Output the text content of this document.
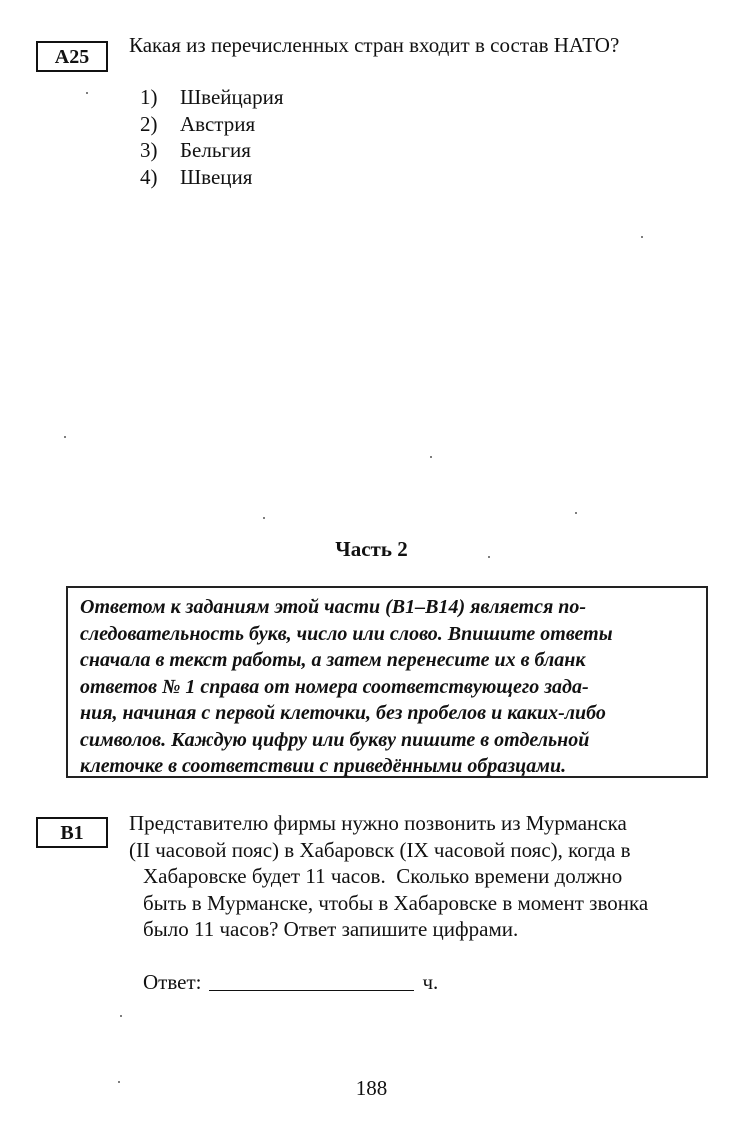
А25	Какая из перечисленных стран входит в состав НАТО?
1) Швейцария
2) Австрия
3) Бельгия
4) Швеция
Часть 2
Ответом к заданиям этой части (В1–В14) является по-
следовательность букв, число или слово. Впишите ответы
сначала в текст работы, а затем перенесите их в бланк
ответов № 1 справа от номера соответствующего зада-
ния, начиная с первой клеточки, без пробелов и каких-либо
символов. Каждую цифру или букву пишите в отдельной
клеточке в соответствии с приведёнными образцами.
В1	Представителю фирмы нужно позвонить из Мурманска
(II часовой пояс) в Хабаровск (IX часовой пояс), когда в
Хабаровске будет 11 часов.  Сколько времени должно
быть в Мурманске, чтобы в Хабаровске в момент звонка
было 11 часов? Ответ запишите цифрами.
Ответ:	ч.
188
